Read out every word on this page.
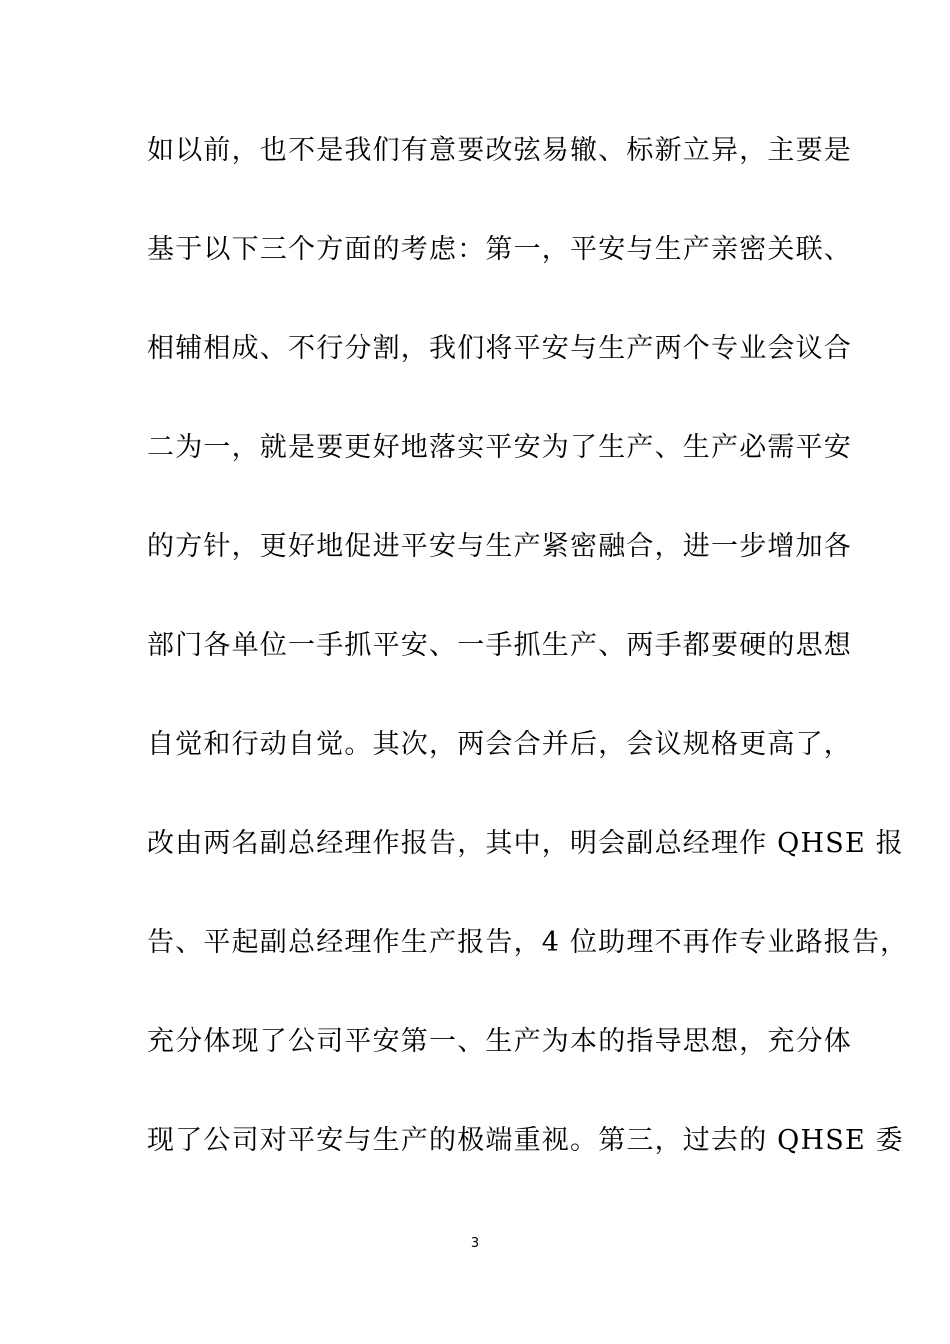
如以前，也不是我们有意要改弦易辙、标新立异，主要是
基于以下三个方面的考虑：第一，平安与生产亲密关联、
相辅相成、不行分割，我们将平安与生产两个专业会议合
二为一，就是要更好地落实平安为了生产、生产必需平安
的方针，更好地促进平安与生产紧密融合，进一步增加各
部门各单位一手抓平安、一手抓生产、两手都要硬的思想
自觉和行动自觉。其次，两会合并后，会议规格更高了，
改由两名副总经理作报告，其中，明会副总经理作 QHSE 报
告、平起副总经理作生产报告，4 位助理不再作专业路报告，
充分体现了公司平安第一、生产为本的指导思想，充分体
现了公司对平安与生产的极端重视。第三，过去的 QHSE 委
3
